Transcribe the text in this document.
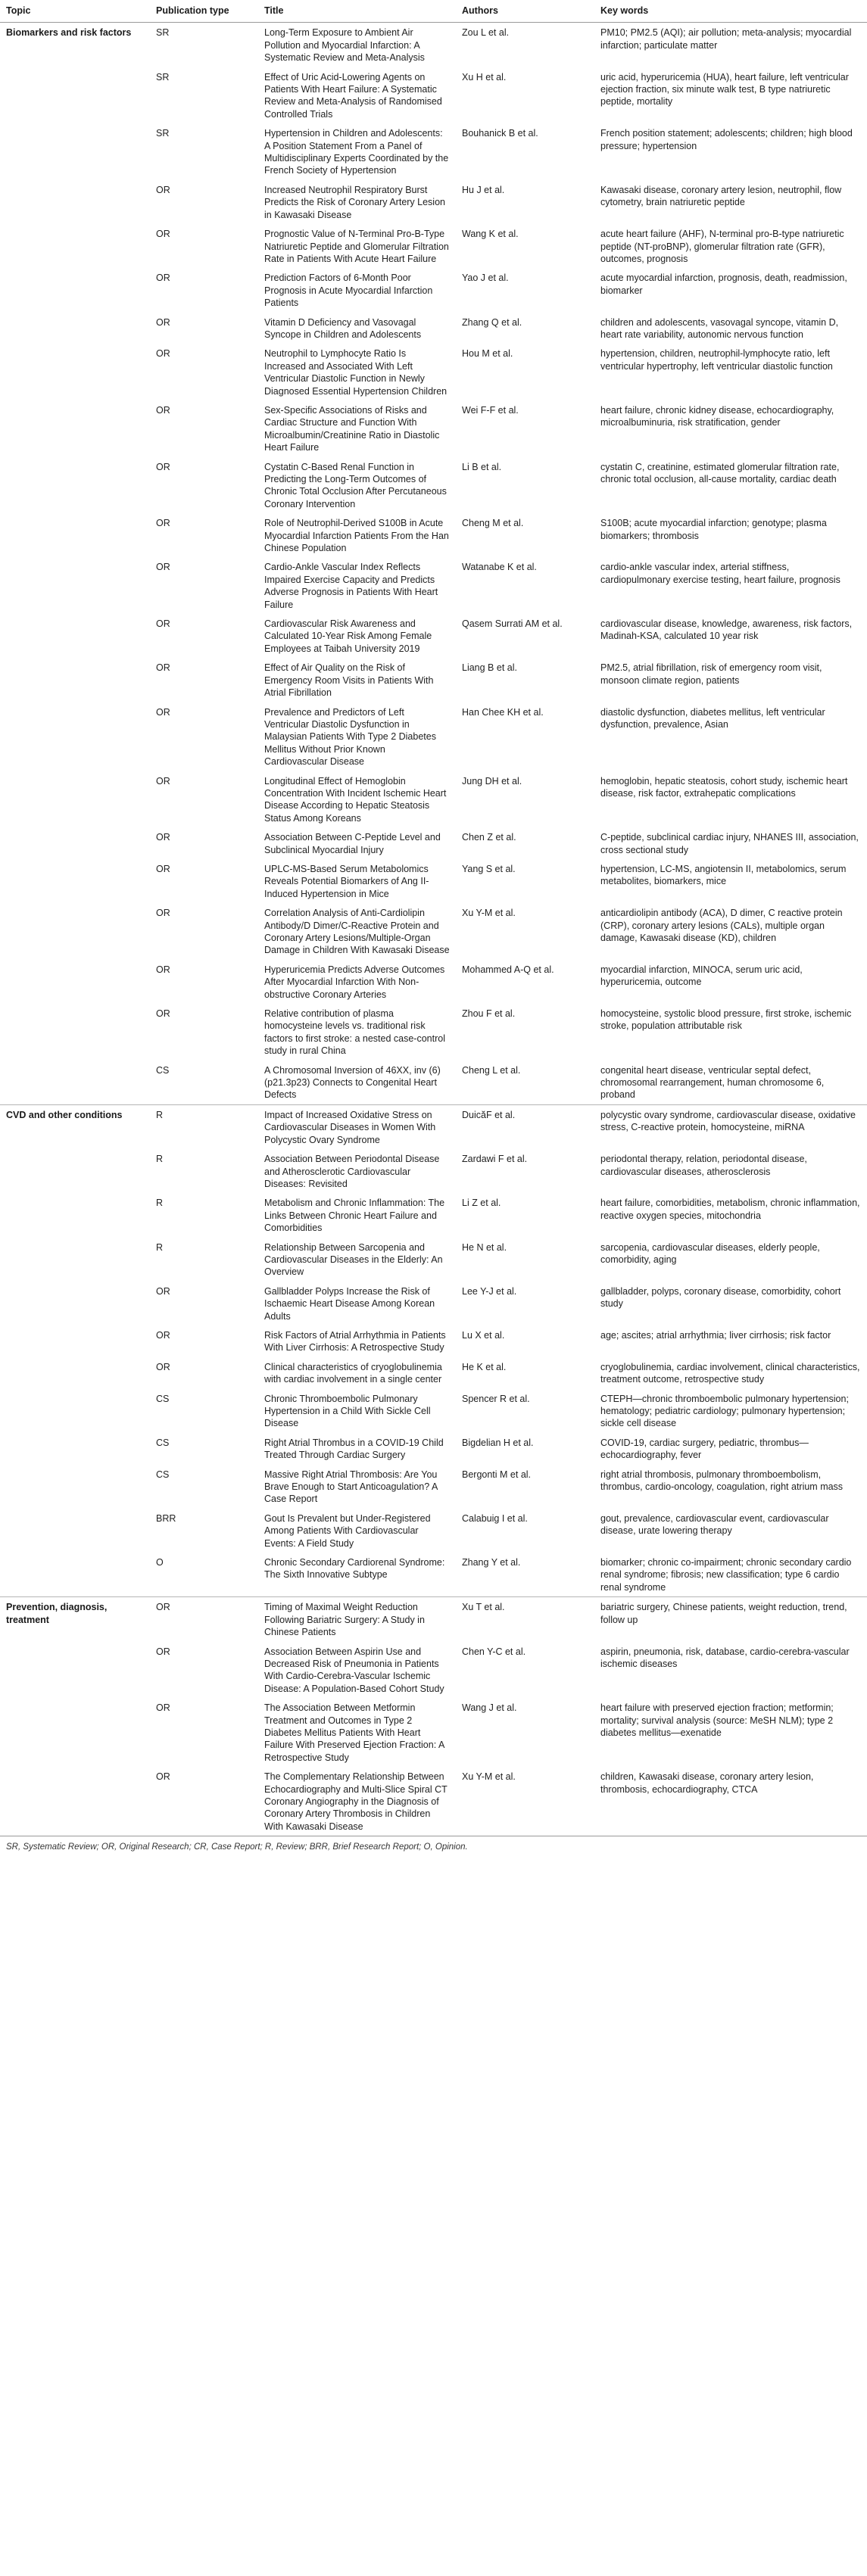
Topic	Publication type	Title	Authors	Key words
Biomarkers and risk factors	SR	Long-Term Exposure to Ambient Air Pollution and Myocardial Infarction: A Systematic Review and Meta-Analysis	Zou L et al.	PM10; PM2.5 (AQI); air pollution; meta-analysis; myocardial infarction; particulate matter
	SR	Effect of Uric Acid-Lowering Agents on Patients With Heart Failure: A Systematic Review and Meta-Analysis of Randomised Controlled Trials	Xu H et al.	uric acid, hyperuricemia (HUA), heart failure, left ventricular ejection fraction, six minute walk test, B type natriuretic peptide, mortality
	SR	Hypertension in Children and Adolescents: A Position Statement From a Panel of Multidisciplinary Experts Coordinated by the French Society of Hypertension	Bouhanick B et al.	French position statement; adolescents; children; high blood pressure; hypertension
	OR	Increased Neutrophil Respiratory Burst Predicts the Risk of Coronary Artery Lesion in Kawasaki Disease	Hu J et al.	Kawasaki disease, coronary artery lesion, neutrophil, flow cytometry, brain natriuretic peptide
	OR	Prognostic Value of N-Terminal Pro-B-Type Natriuretic Peptide and Glomerular Filtration Rate in Patients With Acute Heart Failure	Wang K et al.	acute heart failure (AHF), N-terminal pro-B-type natriuretic peptide (NT-proBNP), glomerular filtration rate (GFR), outcomes, prognosis
	OR	Prediction Factors of 6-Month Poor Prognosis in Acute Myocardial Infarction Patients	Yao J et al.	acute myocardial infarction, prognosis, death, readmission, biomarker
	OR	Vitamin D Deficiency and Vasovagal Syncope in Children and Adolescents	Zhang Q et al.	children and adolescents, vasovagal syncope, vitamin D, heart rate variability, autonomic nervous function
	OR	Neutrophil to Lymphocyte Ratio Is Increased and Associated With Left Ventricular Diastolic Function in Newly Diagnosed Essential Hypertension Children	Hou M et al.	hypertension, children, neutrophil-lymphocyte ratio, left ventricular hypertrophy, left ventricular diastolic function
	OR	Sex-Specific Associations of Risks and Cardiac Structure and Function With Microalbumin/Creatinine Ratio in Diastolic Heart Failure	Wei F-F et al.	heart failure, chronic kidney disease, echocardiography, microalbuminuria, risk stratification, gender
	OR	Cystatin C-Based Renal Function in Predicting the Long-Term Outcomes of Chronic Total Occlusion After Percutaneous Coronary Intervention	Li B et al.	cystatin C, creatinine, estimated glomerular filtration rate, chronic total occlusion, all-cause mortality, cardiac death
	OR	Role of Neutrophil-Derived S100B in Acute Myocardial Infarction Patients From the Han Chinese Population	Cheng M et al.	S100B; acute myocardial infarction; genotype; plasma biomarkers; thrombosis
	OR	Cardio-Ankle Vascular Index Reflects Impaired Exercise Capacity and Predicts Adverse Prognosis in Patients With Heart Failure	Watanabe K et al.	cardio-ankle vascular index, arterial stiffness, cardiopulmonary exercise testing, heart failure, prognosis
	OR	Cardiovascular Risk Awareness and Calculated 10-Year Risk Among Female Employees at Taibah University 2019	Qasem Surrati AM et al.	cardiovascular disease, knowledge, awareness, risk factors, Madinah-KSA, calculated 10 year risk
	OR	Effect of Air Quality on the Risk of Emergency Room Visits in Patients With Atrial Fibrillation	Liang B et al.	PM2.5, atrial fibrillation, risk of emergency room visit, monsoon climate region, patients
	OR	Prevalence and Predictors of Left Ventricular Diastolic Dysfunction in Malaysian Patients With Type 2 Diabetes Mellitus Without Prior Known Cardiovascular Disease	Han Chee KH et al.	diastolic dysfunction, diabetes mellitus, left ventricular dysfunction, prevalence, Asian
	OR	Longitudinal Effect of Hemoglobin Concentration With Incident Ischemic Heart Disease According to Hepatic Steatosis Status Among Koreans	Jung DH et al.	hemoglobin, hepatic steatosis, cohort study, ischemic heart disease, risk factor, extrahepatic complications
	OR	Association Between C-Peptide Level and Subclinical Myocardial Injury	Chen Z et al.	C-peptide, subclinical cardiac injury, NHANES III, association, cross sectional study
	OR	UPLC-MS-Based Serum Metabolomics Reveals Potential Biomarkers of Ang II-Induced Hypertension in Mice	Yang S et al.	hypertension, LC-MS, angiotensin II, metabolomics, serum metabolites, biomarkers, mice
	OR	Correlation Analysis of Anti-Cardiolipin Antibody/D Dimer/C-Reactive Protein and Coronary Artery Lesions/Multiple-Organ Damage in Children With Kawasaki Disease	Xu Y-M et al.	anticardiolipin antibody (ACA), D dimer, C reactive protein (CRP), coronary artery lesions (CALs), multiple organ damage, Kawasaki disease (KD), children
	OR	Hyperuricemia Predicts Adverse Outcomes After Myocardial Infarction With Non-obstructive Coronary Arteries	Mohammed A-Q et al.	myocardial infarction, MINOCA, serum uric acid, hyperuricemia, outcome
	OR	Relative contribution of plasma homocysteine levels vs. traditional risk factors to first stroke: a nested case-control study in rural China	Zhou F et al.	homocysteine, systolic blood pressure, first stroke, ischemic stroke, population attributable risk
	CS	A Chromosomal Inversion of 46XX, inv (6) (p21.3p23) Connects to Congenital Heart Defects	Cheng L et al.	congenital heart disease, ventricular septal defect, chromosomal rearrangement, human chromosome 6, proband
CVD and other conditions	R	Impact of Increased Oxidative Stress on Cardiovascular Diseases in Women With Polycystic Ovary Syndrome	DuicăF et al.	polycystic ovary syndrome, cardiovascular disease, oxidative stress, C-reactive protein, homocysteine, miRNA
	R	Association Between Periodontal Disease and Atherosclerotic Cardiovascular Diseases: Revisited	Zardawi F et al.	periodontal therapy, relation, periodontal disease, cardiovascular diseases, atherosclerosis
	R	Metabolism and Chronic Inflammation: The Links Between Chronic Heart Failure and Comorbidities	Li Z et al.	heart failure, comorbidities, metabolism, chronic inflammation, reactive oxygen species, mitochondria
	R	Relationship Between Sarcopenia and Cardiovascular Diseases in the Elderly: An Overview	He N et al.	sarcopenia, cardiovascular diseases, elderly people, comorbidity, aging
	OR	Gallbladder Polyps Increase the Risk of Ischaemic Heart Disease Among Korean Adults	Lee Y-J et al.	gallbladder, polyps, coronary disease, comorbidity, cohort study
	OR	Risk Factors of Atrial Arrhythmia in Patients With Liver Cirrhosis: A Retrospective Study	Lu X et al.	age; ascites; atrial arrhythmia; liver cirrhosis; risk factor
	OR	Clinical characteristics of cryoglobulinemia with cardiac involvement in a single center	He K et al.	cryoglobulinemia, cardiac involvement, clinical characteristics, treatment outcome, retrospective study
	CS	Chronic Thromboembolic Pulmonary Hypertension in a Child With Sickle Cell Disease	Spencer R et al.	CTEPH—chronic thromboembolic pulmonary hypertension; hematology; pediatric cardiology; pulmonary hypertension; sickle cell disease
	CS	Right Atrial Thrombus in a COVID-19 Child Treated Through Cardiac Surgery	Bigdelian H et al.	COVID-19, cardiac surgery, pediatric, thrombus—echocardiography, fever
	CS	Massive Right Atrial Thrombosis: Are You Brave Enough to Start Anticoagulation? A Case Report	Bergonti M et al.	right atrial thrombosis, pulmonary thromboembolism, thrombus, cardio-oncology, coagulation, right atrium mass
	BRR	Gout Is Prevalent but Under-Registered Among Patients With Cardiovascular Events: A Field Study	Calabuig I et al.	gout, prevalence, cardiovascular event, cardiovascular disease, urate lowering therapy
	O	Chronic Secondary Cardiorenal Syndrome: The Sixth Innovative Subtype	Zhang Y et al.	biomarker; chronic co-impairment; chronic secondary cardio renal syndrome; fibrosis; new classification; type 6 cardio renal syndrome
Prevention, diagnosis, treatment	OR	Timing of Maximal Weight Reduction Following Bariatric Surgery: A Study in Chinese Patients	Xu T et al.	bariatric surgery, Chinese patients, weight reduction, trend, follow up
	OR	Association Between Aspirin Use and Decreased Risk of Pneumonia in Patients With Cardio-Cerebra-Vascular Ischemic Disease: A Population-Based Cohort Study	Chen Y-C et al.	aspirin, pneumonia, risk, database, cardio-cerebra-vascular ischemic diseases
	OR	The Association Between Metformin Treatment and Outcomes in Type 2 Diabetes Mellitus Patients With Heart Failure With Preserved Ejection Fraction: A Retrospective Study	Wang J et al.	heart failure with preserved ejection fraction; metformin; mortality; survival analysis (source: MeSH NLM); type 2 diabetes mellitus—exenatide
	OR	The Complementary Relationship Between Echocardiography and Multi-Slice Spiral CT Coronary Angiography in the Diagnosis of Coronary Artery Thrombosis in Children With Kawasaki Disease	Xu Y-M et al.	children, Kawasaki disease, coronary artery lesion, thrombosis, echocardiography, CTCA
SR, Systematic Review; OR, Original Research; CR, Case Report; R, Review; BRR, Brief Research Report; O, Opinion.
